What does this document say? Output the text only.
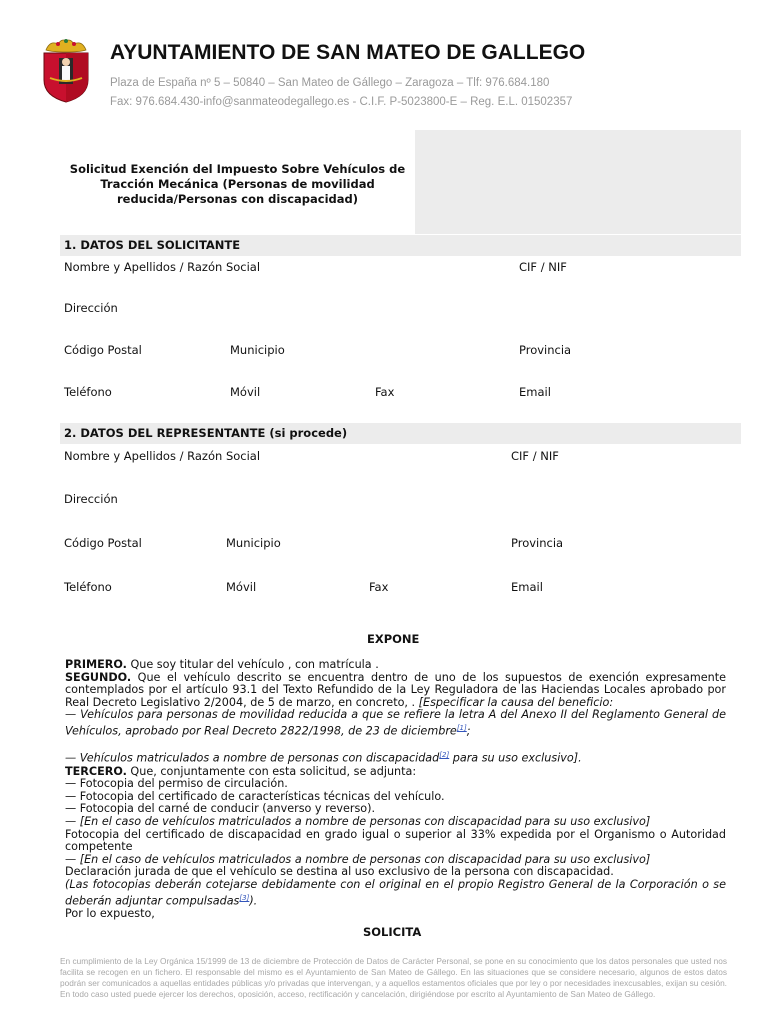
AYUNTAMIENTO DE SAN MATEO DE GALLEGO
Plaza de España nº 5 – 50840 – San Mateo de Gállego – Zaragoza – Tlf: 976.684.180
Fax: 976.684.430-info@sanmateodegallego.es - C.I.F. P-5023800-E – Reg. E.L. 01502357
Solicitud Exención del Impuesto Sobre Vehículos de
Tracción Mecánica (Personas de movilidad
reducida/Personas con discapacidad)
1. DATOS DEL SOLICITANTE
Nombre y Apellidos / Razón Social	CIF / NIF
Dirección
Código Postal	Municipio	Provincia
Teléfono	Móvil	Fax	Email
2. DATOS DEL REPRESENTANTE (si procede)
Nombre y Apellidos / Razón Social	CIF / NIF
Dirección
Código Postal	Municipio	Provincia
Teléfono	Móvil	Fax	Email
EXPONE

PRIMERO. Que soy titular del vehículo , con matrícula .

SEGUNDO. Que el vehículo descrito se encuentra dentro de uno de los supuestos de exención expresamente contemplados por el artículo 93.1 del Texto Refundido de la Ley Reguladora de las Haciendas Locales aprobado por Real Decreto Legislativo 2/2004, de 5 de marzo, en concreto, . [Especificar la causa del beneficio:

— Vehículos para personas de movilidad reducida a que se refiere la letra A del Anexo II del Reglamento General de Vehículos, aprobado por Real Decreto 2822/1998, de 23 de diciembre[1];

— Vehículos matriculados a nombre de personas con discapacidad[2] para su uso exclusivo].

TERCERO. Que, conjuntamente con esta solicitud, se adjunta:

— Fotocopia del permiso de circulación.

— Fotocopia del certificado de características técnicas del vehículo.

— Fotocopia del carné de conducir (anverso y reverso).

— [En el caso de vehículos matriculados a nombre de personas con discapacidad para su uso exclusivo]

Fotocopia del certificado de discapacidad en grado igual o superior al 33% expedida por el Organismo o Autoridad competente

— [En el caso de vehículos matriculados a nombre de personas con discapacidad para su uso exclusivo]

Declaración jurada de que el vehículo se destina al uso exclusivo de la persona con discapacidad.

(Las fotocopias deberán cotejarse debidamente con el original en el propio Registro General de la Corporación o se deberán adjuntar compulsadas[3]).

Por lo expuesto,

SOLICITA
En cumplimiento de la Ley Orgánica 15/1999 de 13 de diciembre de Protección de Datos de Carácter Personal, se pone en su conocimiento que los datos personales que usted nos facilita se recogen en un fichero. El responsable del mismo es el Ayuntamiento de San Mateo de Gállego. En las situaciones que se considere necesario, algunos de estos datos podrán ser comunicados a aquellas entidades públicas y/o privadas que intervengan, y a aquellos estamentos oficiales que por ley o por necesidades inexcusables, exijan su cesión. En todo caso usted puede ejercer los derechos, oposición, acceso, rectificación y cancelación, dirigiéndose por escrito al Ayuntamiento de San Mateo de Gállego.
